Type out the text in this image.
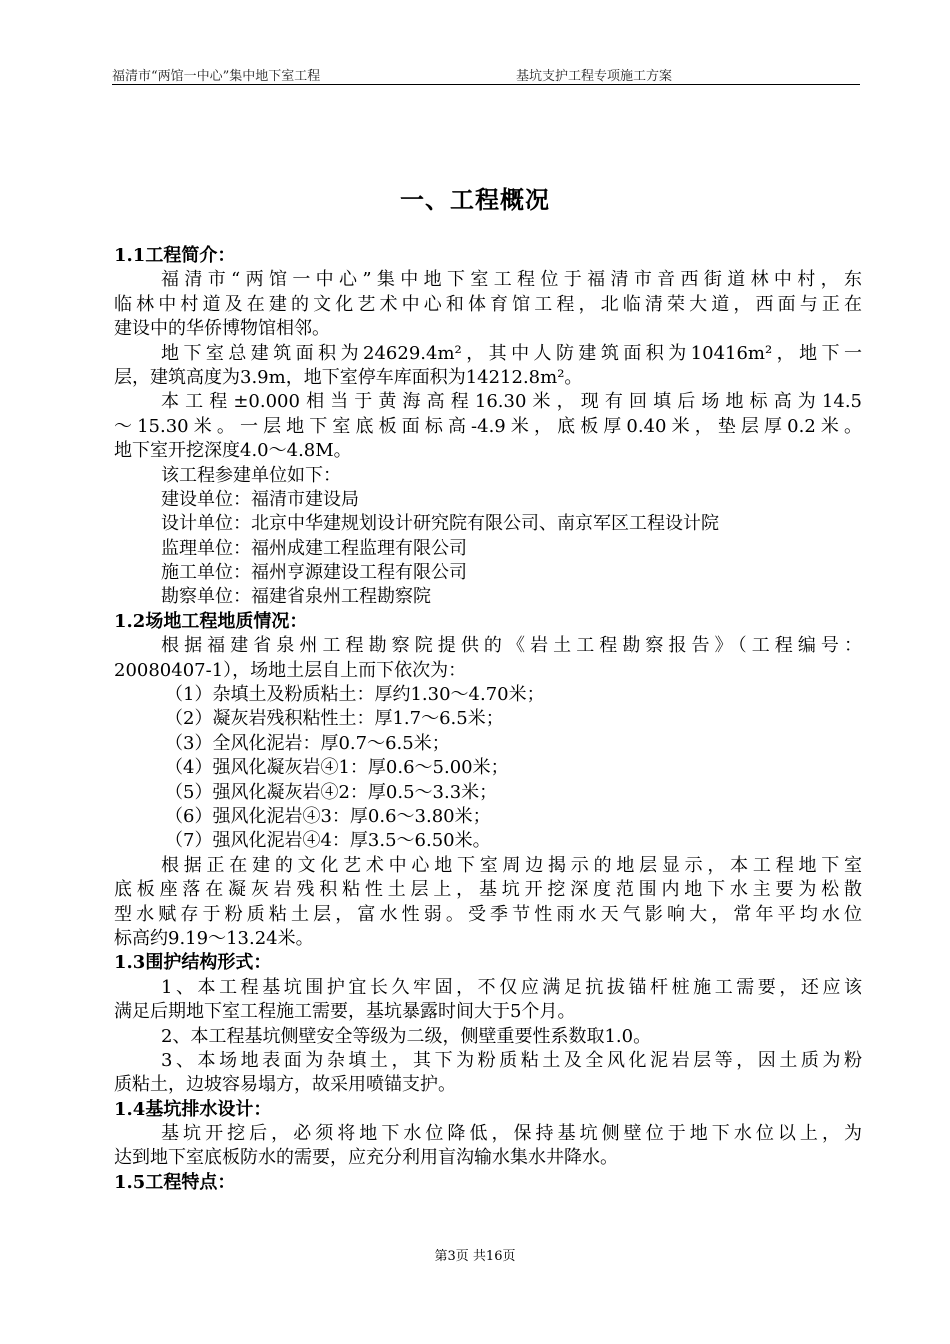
福清市“两馆一中心”集中地下室工程	基坑支护工程专项施工方案
一、工程概况
1.1工程简介：
福清市“两馆一中心”集中地下室工程位于福清市音西街道林中村，东
临林中村道及在建的文化艺术中心和体育馆工程，北临清荣大道，西面与正在
建设中的华侨博物馆相邻。
地下室总建筑面积为24629.4m²，其中人防建筑面积为10416m²，地下一
层，建筑高度为3.9m，地下室停车库面积为14212.8m²。
本工程±0.000相当于黄海高程16.30米，现有回填后场地标高为14.5
～15.30米。一层地下室底板面标高-4.9米，底板厚0.40米，垫层厚0.2米。
地下室开挖深度4.0～4.8M。
该工程参建单位如下：
建设单位：福清市建设局
设计单位：北京中华建规划设计研究院有限公司、南京军区工程设计院
监理单位：福州成建工程监理有限公司
施工单位：福州亨源建设工程有限公司
勘察单位：福建省泉州工程勘察院
1.2场地工程地质情况：
根据福建省泉州工程勘察院提供的《岩土工程勘察报告》（工程编号：
20080407-1），场地土层自上而下依次为：
（1）杂填土及粉质粘土：厚约1.30～4.70米；
（2）凝灰岩残积粘性土：厚1.7～6.5米；
（3）全风化泥岩：厚0.7～6.5米；
（4）强风化凝灰岩④1：厚0.6～5.00米；
（5）强风化凝灰岩④2：厚0.5～3.3米；
（6）强风化泥岩④3：厚0.6～3.80米；
（7）强风化泥岩④4：厚3.5～6.50米。
根据正在建的文化艺术中心地下室周边揭示的地层显示，本工程地下室
底板座落在凝灰岩残积粘性土层上，基坑开挖深度范围内地下水主要为松散
型水赋存于粉质粘土层，富水性弱。受季节性雨水天气影响大，常年平均水位
标高约9.19～13.24米。
1.3围护结构形式：
1、本工程基坑围护宜长久牢固，不仅应满足抗拔锚杆桩施工需要，还应该
满足后期地下室工程施工需要，基坑暴露时间大于5个月。
2、本工程基坑侧壁安全等级为二级，侧壁重要性系数取1.0。
3、本场地表面为杂填土，其下为粉质粘土及全风化泥岩层等，因土质为粉
质粘土，边坡容易塌方，故采用喷锚支护。
1.4基坑排水设计：
基坑开挖后，必须将地下水位降低，保持基坑侧壁位于地下水位以上，为
达到地下室底板防水的需要，应充分利用盲沟输水集水井降水。
1.5工程特点：
第3页 共16页
